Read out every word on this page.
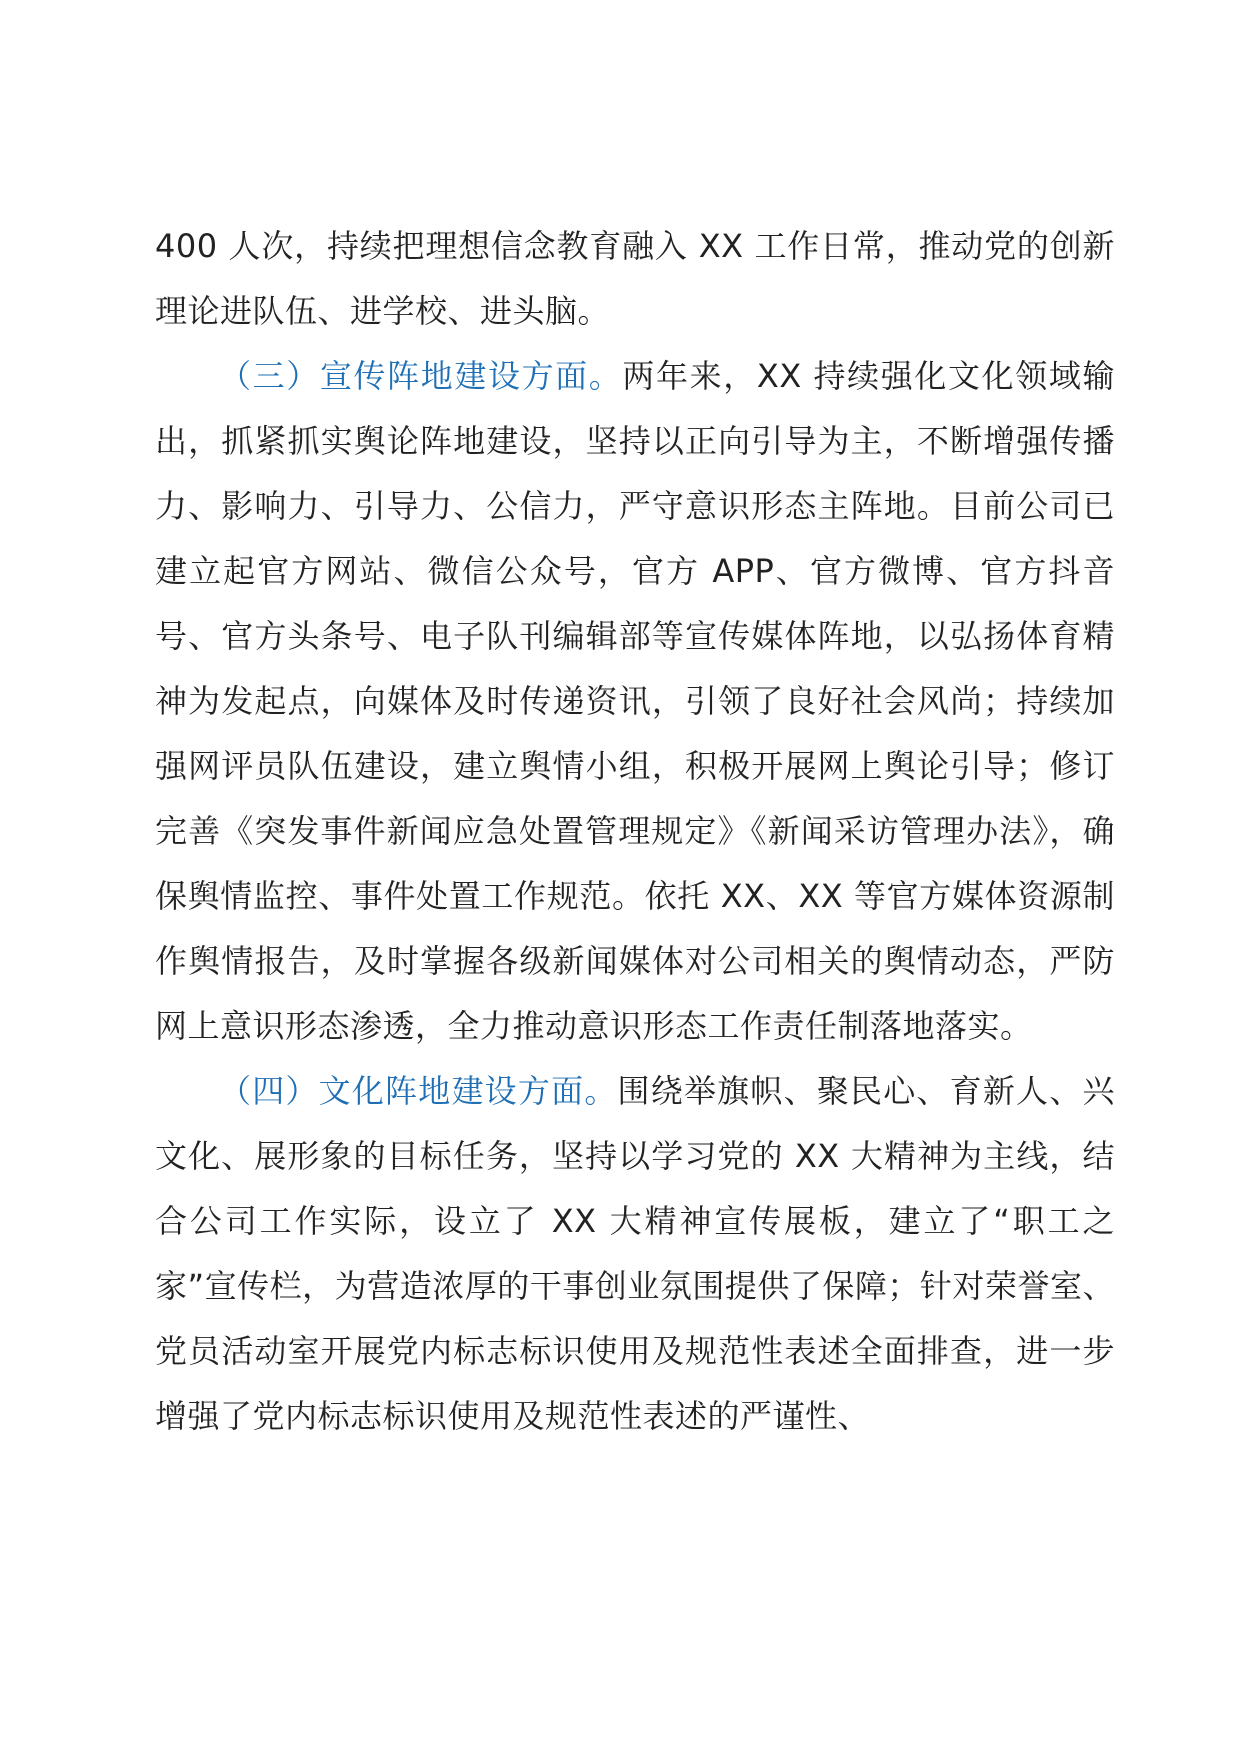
400 人次，持续把理想信念教育融入 XX 工作日常，推动党的创新理论进队伍、进学校、进头脑。

（三）宣传阵地建设方面。两年来，XX 持续强化文化领域输出，抓紧抓实舆论阵地建设，坚持以正向引导为主，不断增强传播力、影响力、引导力、公信力，严守意识形态主阵地。目前公司已建立起官方网站、微信公众号，官方 APP、官方微博、官方抖音号、官方头条号、电子队刊编辑部等宣传媒体阵地，以弘扬体育精神为发起点，向媒体及时传递资讯，引领了良好社会风尚；持续加强网评员队伍建设，建立舆情小组，积极开展网上舆论引导；修订完善《突发事件新闻应急处置管理规定》《新闻采访管理办法》，确保舆情监控、事件处置工作规范。依托 XX、XX 等官方媒体资源制作舆情报告，及时掌握各级新闻媒体对公司相关的舆情动态，严防网上意识形态渗透，全力推动意识形态工作责任制落地落实。

（四）文化阵地建设方面。围绕举旗帜、聚民心、育新人、兴文化、展形象的目标任务，坚持以学习党的 XX 大精神为主线，结合公司工作实际，设立了 XX 大精神宣传展板，建立了“职工之家”宣传栏，为营造浓厚的干事创业氛围提供了保障；针对荣誉室、党员活动室开展党内标志标识使用及规范性表述全面排查，进一步增强了党内标志标识使用及规范性表述的严谨性、
